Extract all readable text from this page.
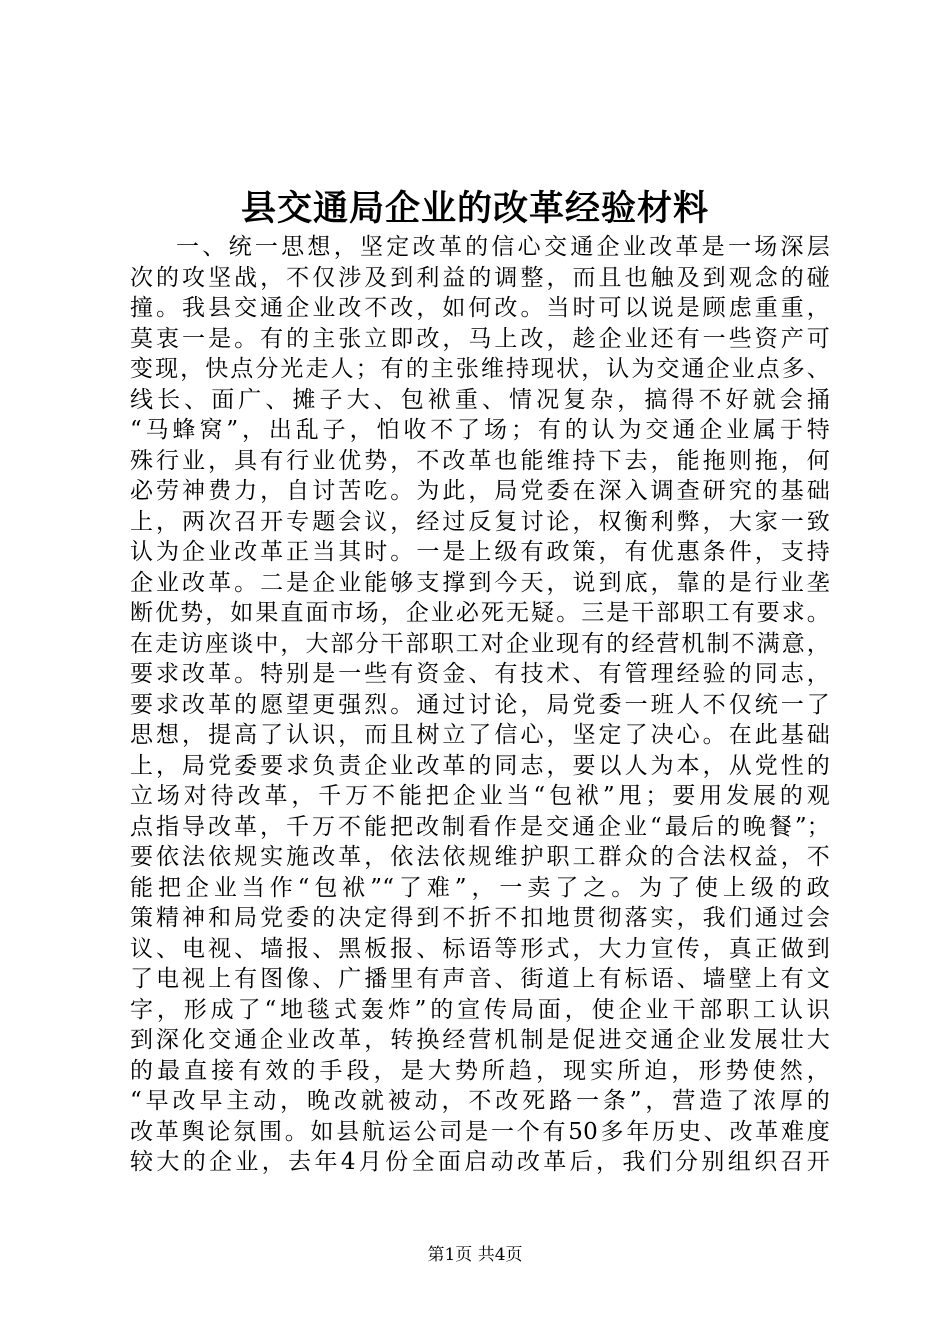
县交通局企业的改革经验材料
一、统一思想，坚定改革的信心交通企业改革是一场深层
次的攻坚战，不仅涉及到利益的调整，而且也触及到观念的碰
撞。我县交通企业改不改，如何改。当时可以说是顾虑重重，
莫衷一是。有的主张立即改，马上改，趁企业还有一些资产可
变现，快点分光走人；有的主张维持现状，认为交通企业点多、
线长、面广、摊子大、包袱重、情况复杂，搞得不好就会捅
“马蜂窝”，出乱子，怕收不了场；有的认为交通企业属于特
殊行业，具有行业优势，不改革也能维持下去，能拖则拖，何
必劳神费力，自讨苦吃。为此，局党委在深入调查研究的基础
上，两次召开专题会议，经过反复讨论，权衡利弊，大家一致
认为企业改革正当其时。一是上级有政策，有优惠条件，支持
企业改革。二是企业能够支撑到今天，说到底，靠的是行业垄
断优势，如果直面市场，企业必死无疑。三是干部职工有要求。
在走访座谈中，大部分干部职工对企业现有的经营机制不满意，
要求改革。特别是一些有资金、有技术、有管理经验的同志，
要求改革的愿望更强烈。通过讨论，局党委一班人不仅统一了
思想，提高了认识，而且树立了信心，坚定了决心。在此基础
上，局党委要求负责企业改革的同志，要以人为本，从党性的
立场对待改革，千万不能把企业当“包袱”甩；要用发展的观
点指导改革，千万不能把改制看作是交通企业“最后的晚餐”；
要依法依规实施改革，依法依规维护职工群众的合法权益，不
能把企业当作“包袱”“了难”，一卖了之。为了使上级的政
策精神和局党委的决定得到不折不扣地贯彻落实，我们通过会
议、电视、墙报、黑板报、标语等形式，大力宣传，真正做到
了电视上有图像、广播里有声音、街道上有标语、墙壁上有文
字，形成了“地毯式轰炸”的宣传局面，使企业干部职工认识
到深化交通企业改革，转换经营机制是促进交通企业发展壮大
的最直接有效的手段，是大势所趋，现实所迫，形势使然，
“早改早主动，晚改就被动，不改死路一条”，营造了浓厚的
改革舆论氛围。如县航运公司是一个有50多年历史、改革难度
较大的企业，去年4月份全面启动改革后，我们分别组织召开
第1页 共4页
